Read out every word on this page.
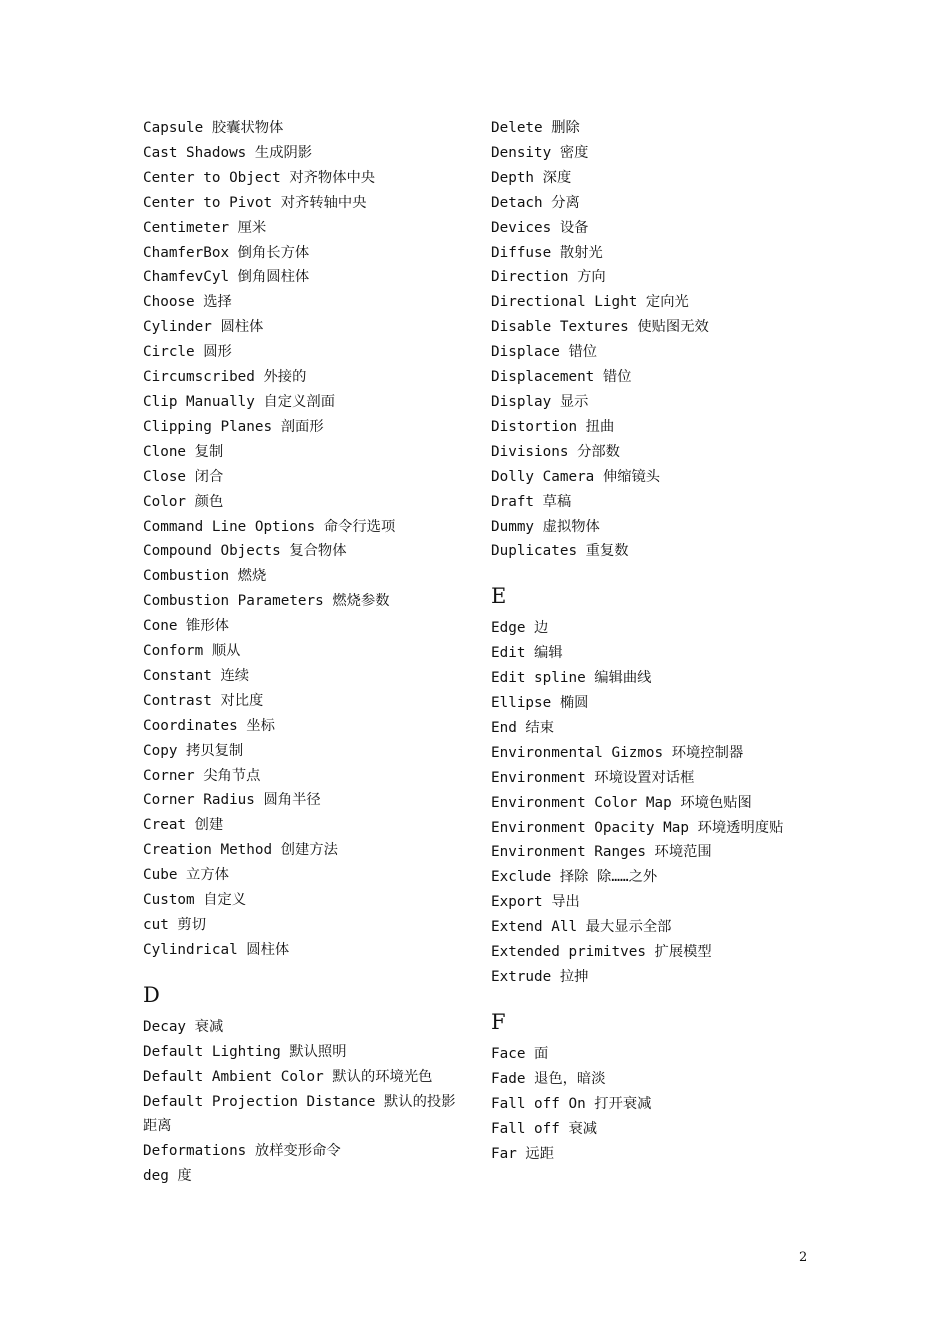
Capsule 胶囊状物体
Cast Shadows 生成阴影
Center to Object 对齐物体中央
Center to Pivot 对齐转轴中央
Centimeter 厘米
ChamferBox 倒角长方体
ChamfevCyl 倒角圆柱体
Choose 选择
Cylinder 圆柱体
Circle 圆形
Circumscribed 外接的
Clip Manually 自定义剖面
Clipping Planes 剖面形
Clone 复制
Close 闭合
Color 颜色
Command Line Options 命令行选项
Compound Objects 复合物体
Combustion 燃烧
Combustion Parameters 燃烧参数
Cone 锥形体
Conform 顺从
Constant 连续
Contrast 对比度
Coordinates 坐标
Copy 拷贝复制
Corner 尖角节点
Corner Radius 圆角半径
Creat 创建
Creation Method 创建方法
Cube 立方体
Custom 自定义
cut 剪切
Cylindrical 圆柱体
D
Decay 衰减
Default Lighting 默认照明
Default Ambient Color 默认的环境光色
Default Projection Distance 默认的投影距离
Deformations 放样变形命令
deg 度
Delete 删除
Density 密度
Depth 深度
Detach 分离
Devices 设备
Diffuse 散射光
Direction 方向
Directional Light 定向光
Disable Textures 使贴图无效
Displace 错位
Displacement 错位
Display 显示
Distortion 扭曲
Divisions 分部数
Dolly Camera 伸缩镜头
Draft 草稿
Dummy 虚拟物体
Duplicates 重复数
E
Edge 边
Edit 编辑
Edit spline 编辑曲线
Ellipse 椭圆
End 结束
Environmental Gizmos 环境控制器
Environment 环境设置对话框
Environment Color Map 环境色贴图
Environment Opacity Map 环境透明度贴
Environment Ranges 环境范围
Exclude 择除 除……之外
Export 导出
Extend All 最大显示全部
Extended primitves 扩展模型
Extrude 拉抻
F
Face 面
Fade 退色，暗淡
Fall off On 打开衰减
Fall off 衰减
Far 远距
2
